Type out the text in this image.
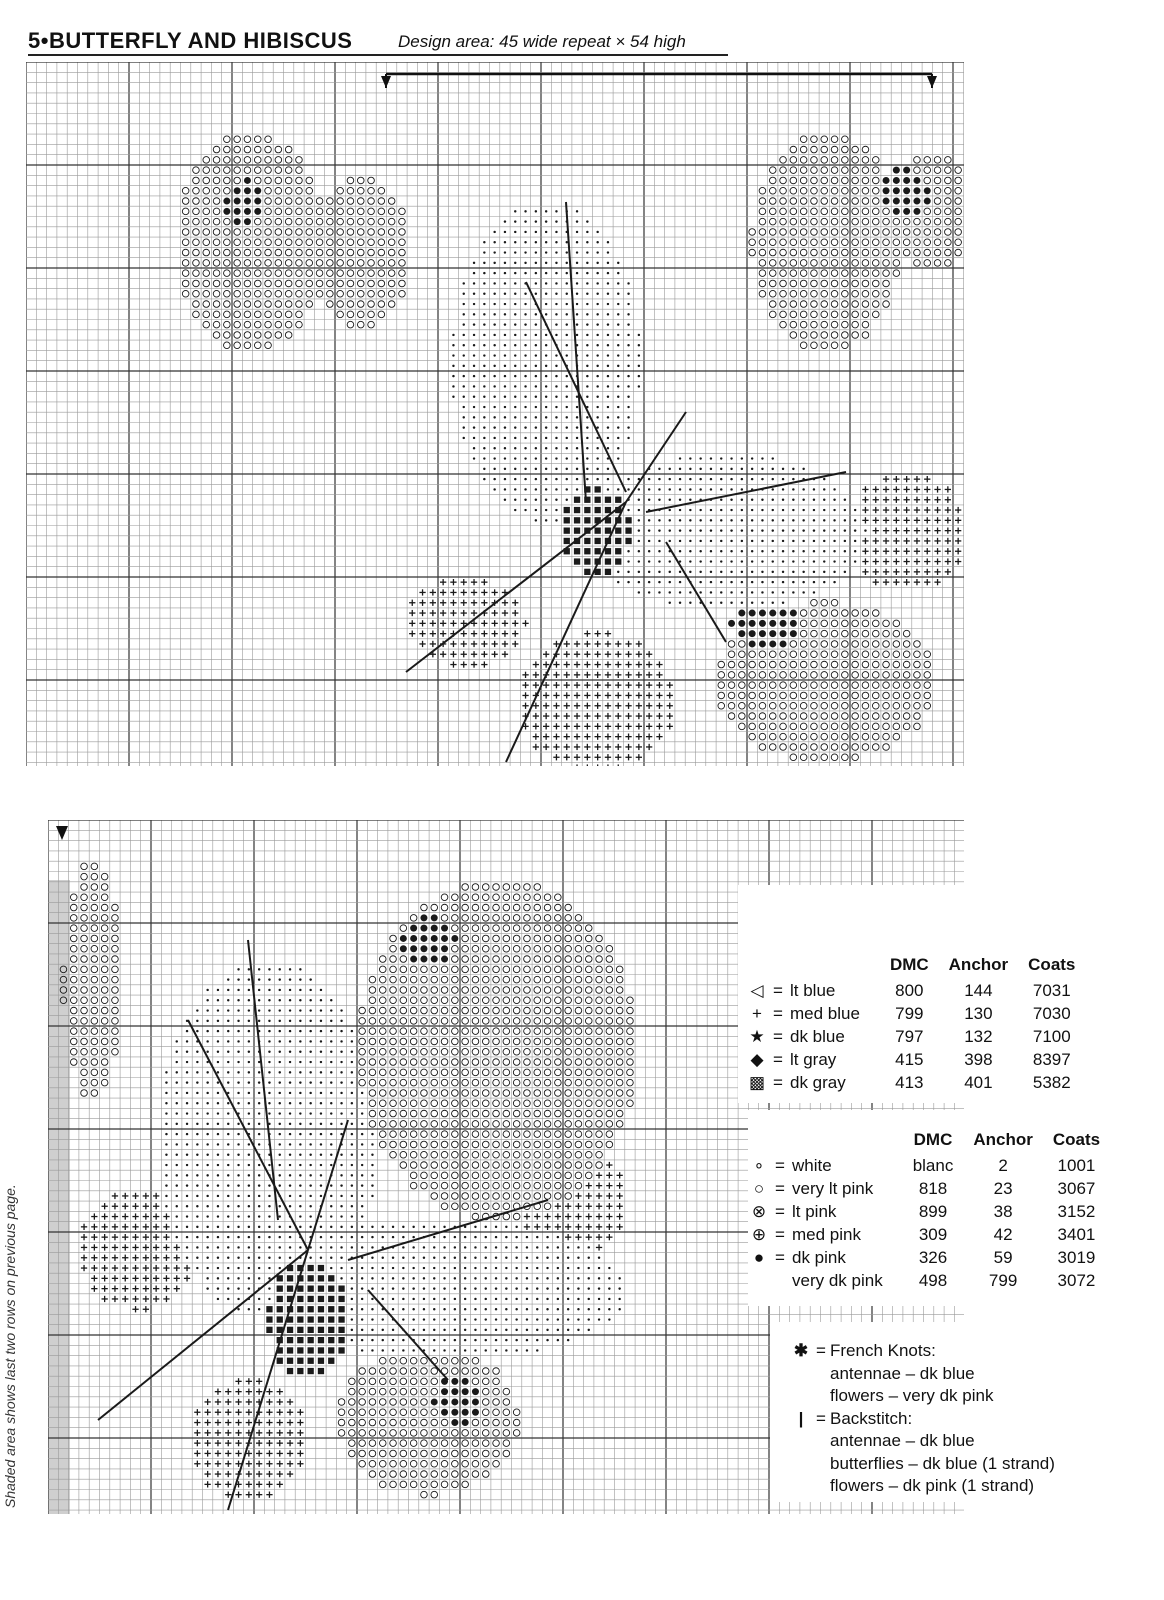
5•BUTTERFLY AND HIBISCUS	Design area: 45 wide repeat × 54 high
Shaded area shows last two rows on previous page.
			DMC	Anchor	Coats
◁	=	lt blue	800	144	7031
+	=	med blue	799	130	7030
★	=	dk blue	797	132	7100
◆	=	lt gray	415	398	8397
▩	=	dk gray	413	401	5382
			DMC	Anchor	Coats
∘	=	white	blanc	2	1001
○	=	very lt pink	818	23	3067
⊗	=	lt pink	899	38	3152
⊕	=	med pink	309	42	3401
●	=	dk pink	326	59	3019
		very dk pink	498	799	3072
✱ = French Knots:
antennae – dk blue
flowers – very dk pink
| = Backstitch:
antennae – dk blue
butterflies – dk blue (1 strand)
flowers – dk pink (1 strand)
